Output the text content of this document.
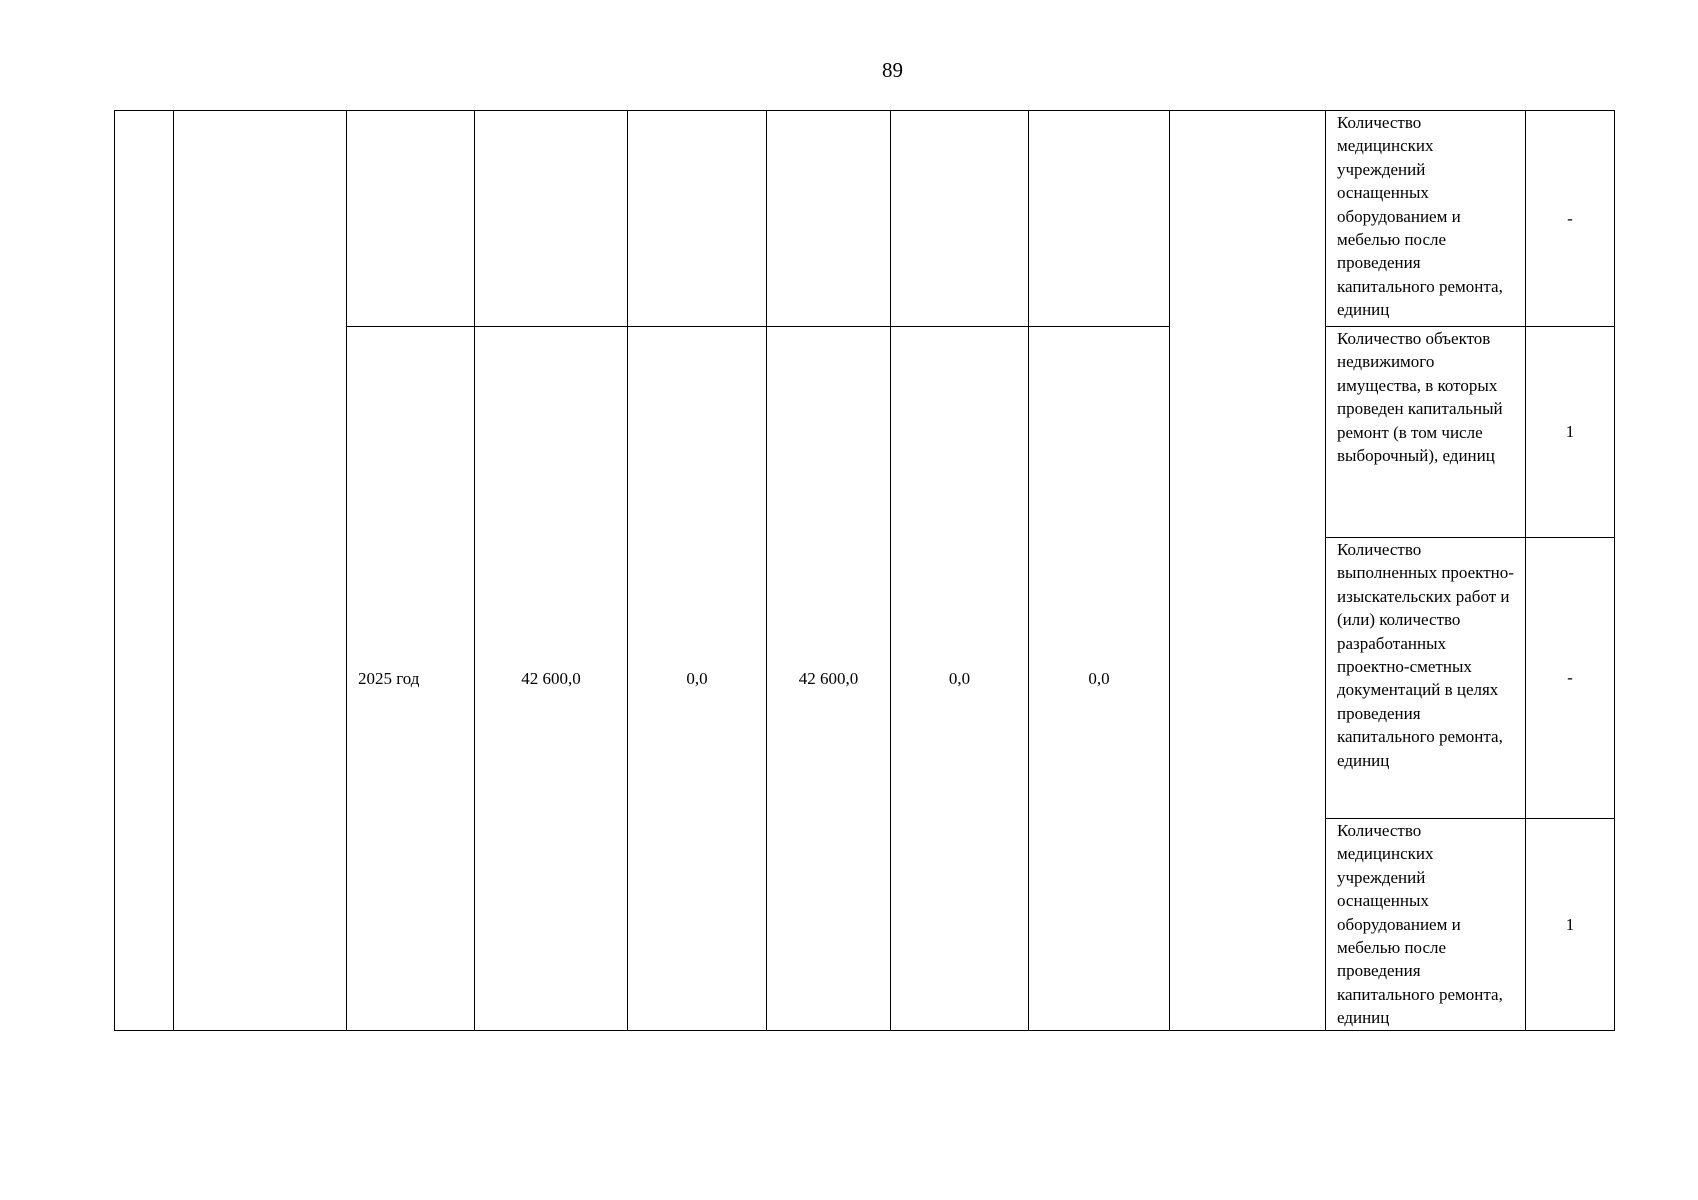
89
									Количество медицинских учреждений оснащенных оборудованием и мебелью после проведения капитального ремонта, единиц	-
		2025 год	42 600,0	0,0	42 600,0	0,0	0,0		Количество объектов недвижимого имущества, в которых проведен капитальный ремонт (в том числе выборочный), единиц	1
									Количество выполненных проектно-изыскательских работ и (или) количество разработанных проектно-сметных документаций в целях проведения капитального ремонта, единиц	-
									Количество медицинских учреждений оснащенных оборудованием и мебелью после проведения капитального ремонта, единиц	1
